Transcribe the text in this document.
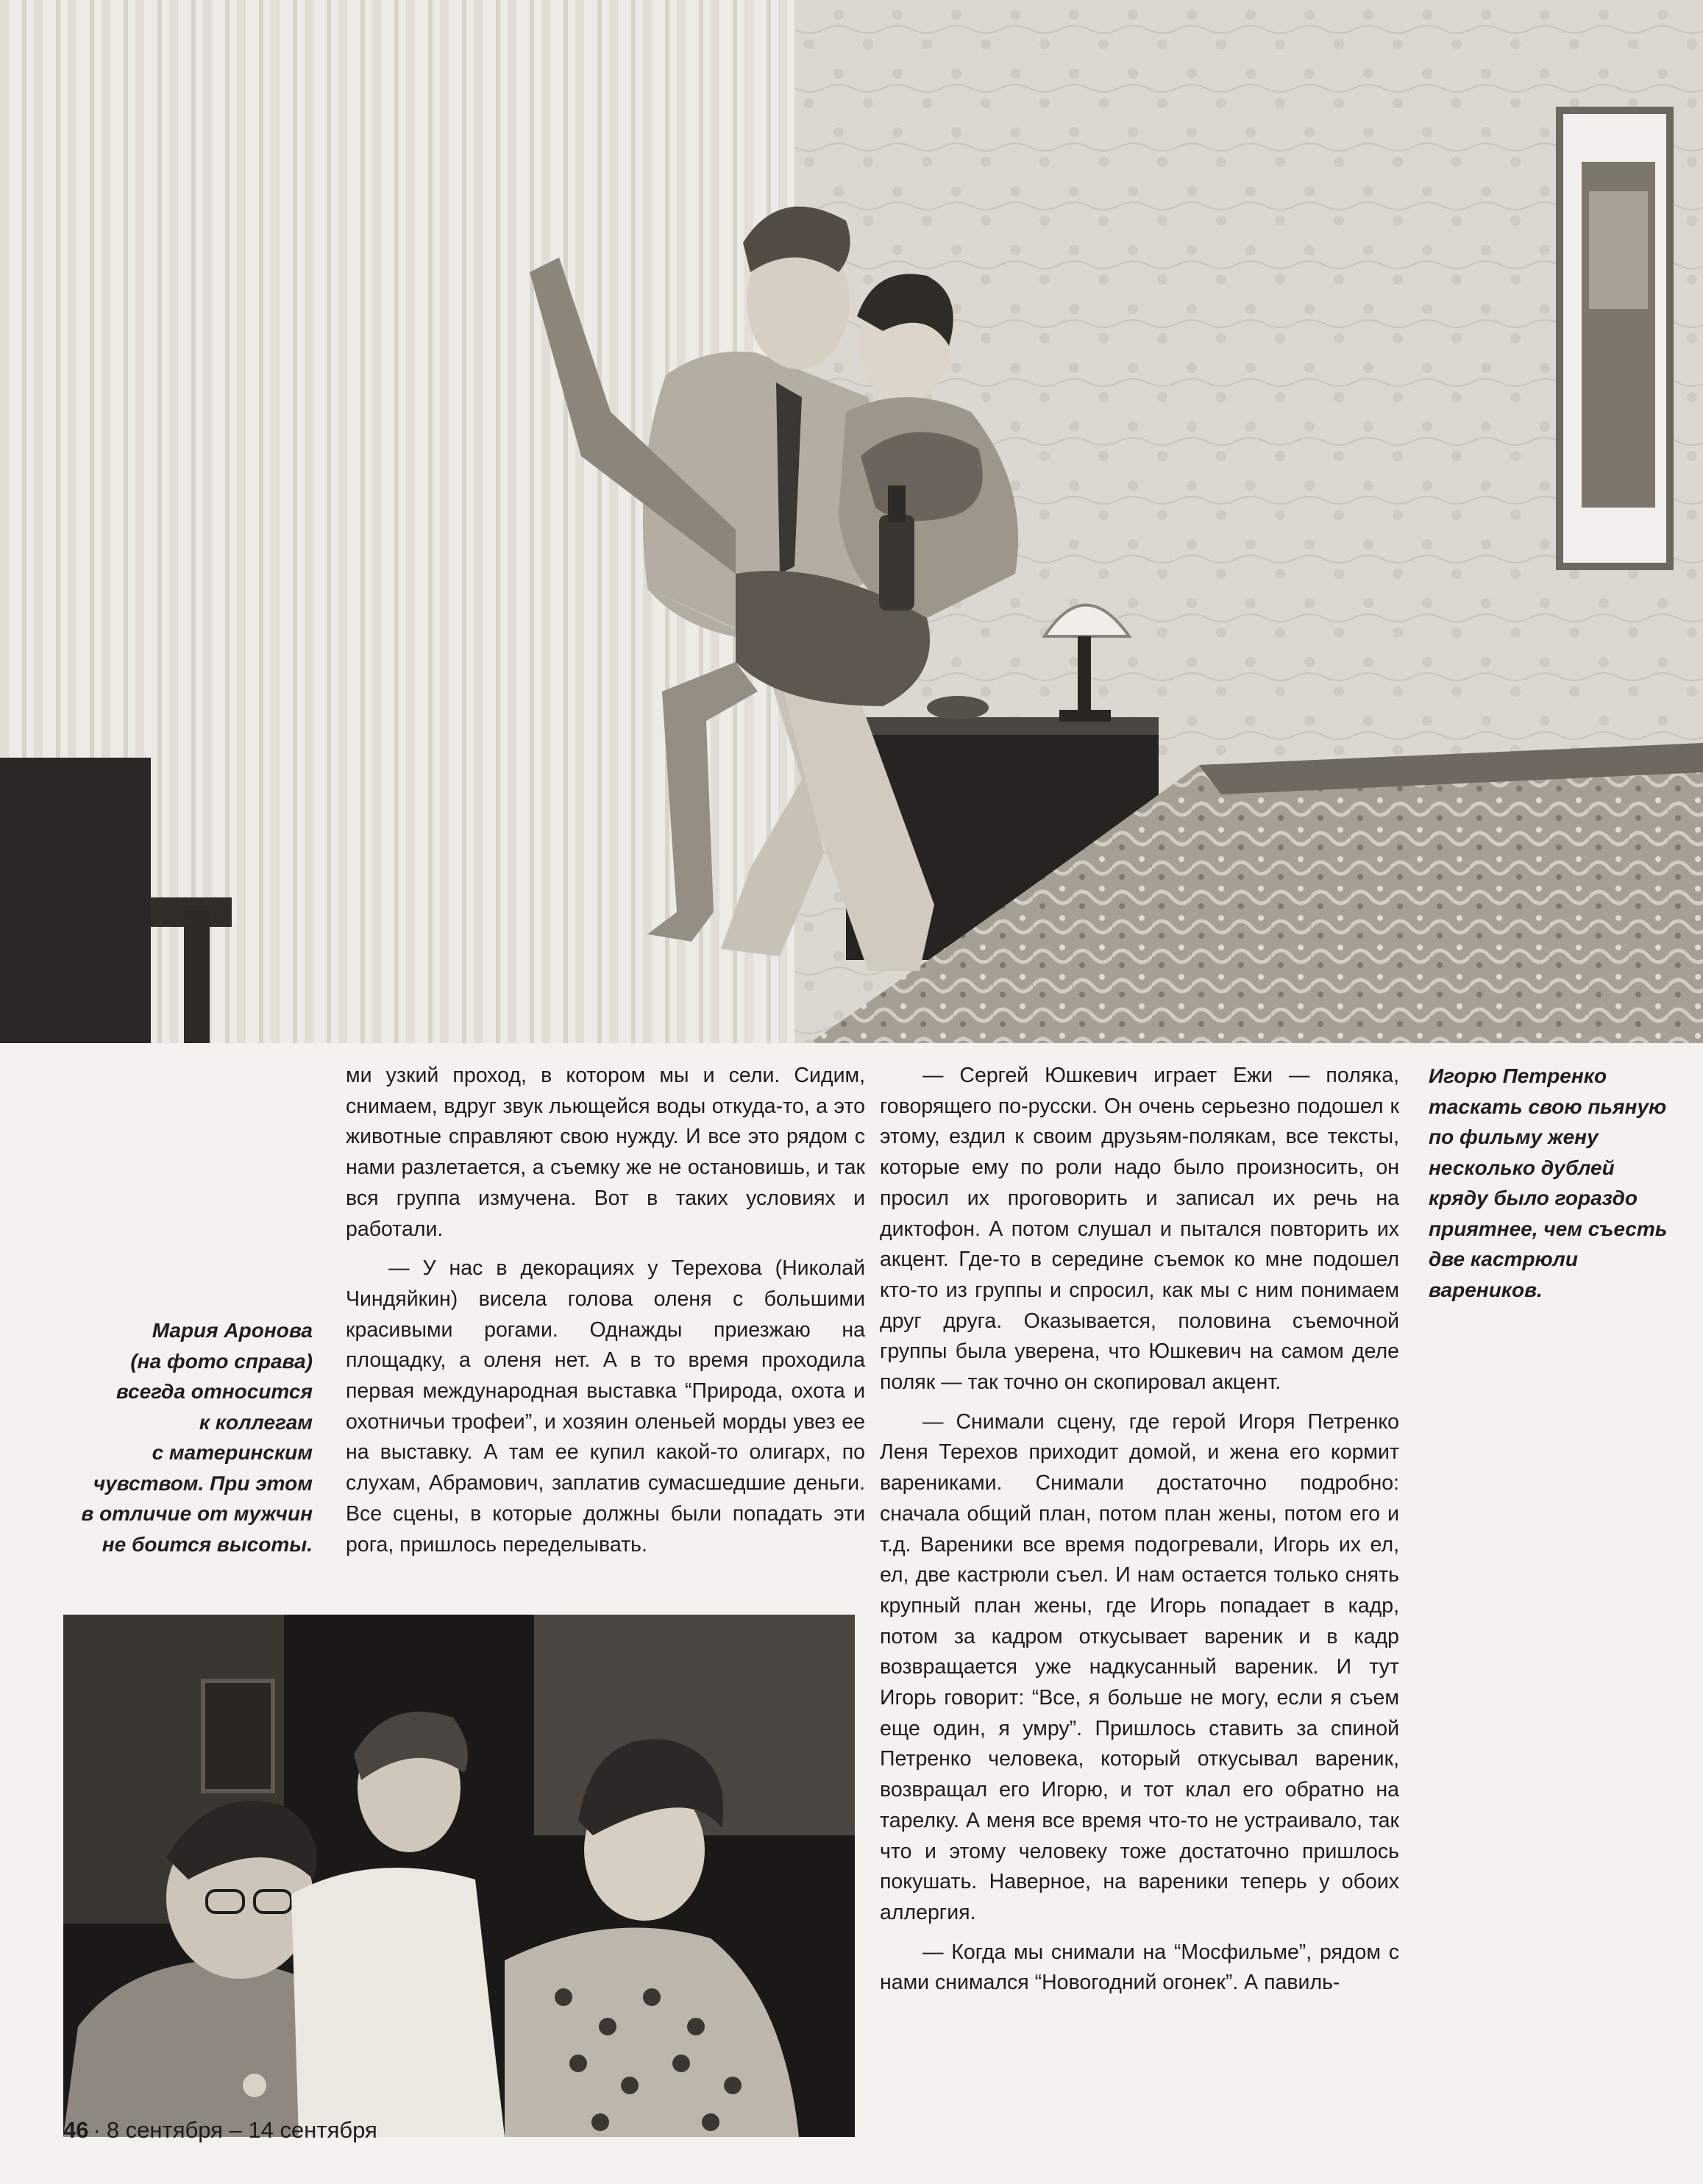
ми узкий проход, в котором мы и сели. Сидим, снимаем, вдруг звук льющейся воды откуда-то, а это животные справляют свою нужду. И все это рядом с нами разлетается, а съемку же не остановишь, и так вся группа измучена. Вот в таких условиях и работали.

— У нас в декорациях у Терехова (Николай Чиндяйкин) висела голова оленя с большими красивыми рогами. Однажды приезжаю на площадку, а оленя нет. А в то время проходила первая международная выставка “Природа, охота и охотничьи трофеи”, и хозяин оленьей морды увез ее на выставку. А там ее купил какой-то олигарх, по слухам, Абрамович, заплатив сумасшедшие деньги. Все сцены, в которые должны были попадать эти рога, пришлось переделывать.

— Сергей Юшкевич играет Ежи — поляка, говорящего по-русски. Он очень серьезно подошел к этому, ездил к своим друзьям-полякам, все тексты, которые ему по роли надо было произносить, он просил их проговорить и записал их речь на диктофон. А потом слушал и пытался повторить их акцент. Где-то в середине съемок ко мне подошел кто-то из группы и спросил, как мы с ним понимаем друг друга. Оказывается, половина съемочной группы была уверена, что Юшкевич на самом деле поляк — так точно он скопировал акцент.

— Снимали сцену, где герой Игоря Петренко Леня Терехов приходит домой, и жена его кормит варениками. Снимали достаточно подробно: сначала общий план, потом план жены, потом его и т.д. Вареники все время подогревали, Игорь их ел, ел, две кастрюли съел. И нам остается только снять крупный план жены, где Игорь попадает в кадр, потом за кадром откусывает вареник и в кадр возвращается уже надкусанный вареник. И тут Игорь говорит: “Все, я больше не могу, если я съем еще один, я умру”. Пришлось ставить за спиной Петренко человека, который откусывал вареник, возвращал его Игорю, и тот клал его обратно на тарелку. А меня все время что-то не устраивало, так что и этому человеку тоже достаточно пришлось покушать. Наверное, на вареники теперь у обоих аллергия.

— Когда мы снимали на “Мосфильме”, рядом с нами снимался “Новогодний огонек”. А павиль-

Мария Аронова
(на фото справа)
всегда относится
к коллегам
с материнским
чувством. При этом
в отличие от мужчин
не боится высоты.
Игорю Петренко
таскать свою пьяную
по фильму жену
несколько дублей
кряду было гораздо
приятнее, чем съесть
две кастрюли
вареников.
46 · 8 сентября – 14 сентября
